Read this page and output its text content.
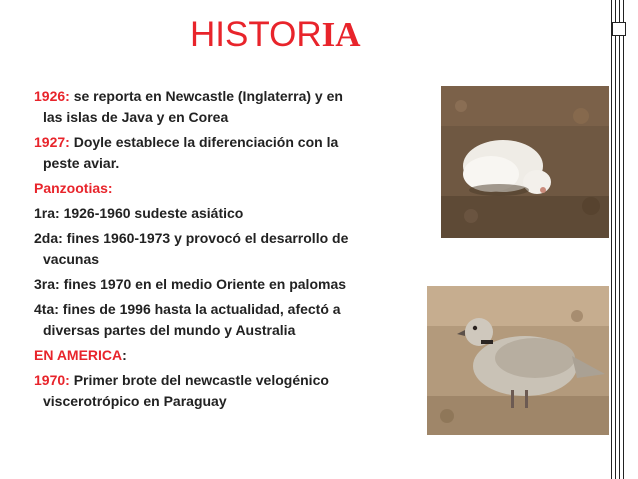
HISTORIA

1926: se reporta en Newcastle (Inglaterra) y en
las islas de Java y en Corea

1927: Doyle establece la diferenciación con la
peste aviar.

Panzootias:

1ra: 1926-1960 sudeste asiático

2da: fines 1960-1973 y provocó el desarrollo de
vacunas

3ra: fines 1970 en el medio Oriente en palomas

4ta: fines de 1996 hasta la actualidad, afectó a
diversas partes del mundo y Australia

EN AMERICA:

1970: Primer brote del newcastle velogénico
viscerotrópico en Paraguay
